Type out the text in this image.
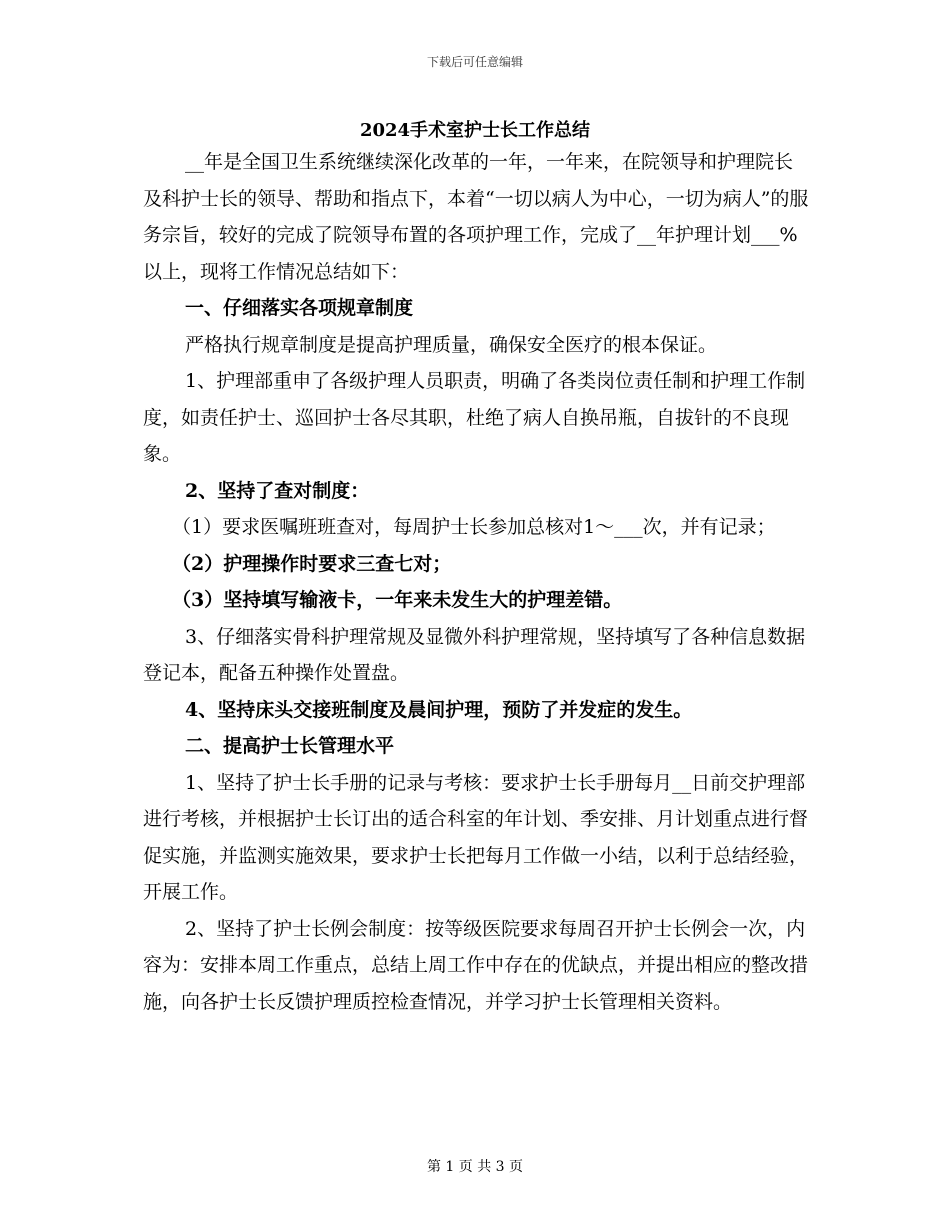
下载后可任意编辑
2024手术室护士长工作总结

__年是全国卫生系统继续深化改革的一年，一年来，在院领导和护理院长及科护士长的领导、帮助和指点下，本着“一切以病人为中心，一切为病人”的服务宗旨，较好的完成了院领导布置的各项护理工作，完成了__年护理计划___%以上，现将工作情况总结如下：

一、仔细落实各项规章制度

严格执行规章制度是提高护理质量，确保安全医疗的根本保证。

1、护理部重申了各级护理人员职责，明确了各类岗位责任制和护理工作制度，如责任护士、巡回护士各尽其职，杜绝了病人自换吊瓶，自拔针的不良现象。

2、坚持了查对制度：

（1）要求医嘱班班查对，每周护士长参加总核对1～___次，并有记录；

（2）护理操作时要求三查七对；

（3）坚持填写输液卡，一年来未发生大的护理差错。

3、仔细落实骨科护理常规及显微外科护理常规，坚持填写了各种信息数据登记本，配备五种操作处置盘。

4、坚持床头交接班制度及晨间护理，预防了并发症的发生。

二、提高护士长管理水平

1、坚持了护士长手册的记录与考核：要求护士长手册每月__日前交护理部进行考核，并根据护士长订出的适合科室的年计划、季安排、月计划重点进行督促实施，并监测实施效果，要求护士长把每月工作做一小结，以利于总结经验，开展工作。

2、坚持了护士长例会制度：按等级医院要求每周召开护士长例会一次，内容为：安排本周工作重点，总结上周工作中存在的优缺点，并提出相应的整改措施，向各护士长反馈护理质控检查情况，并学习护士长管理相关资料。

第 1 页 共 3 页
